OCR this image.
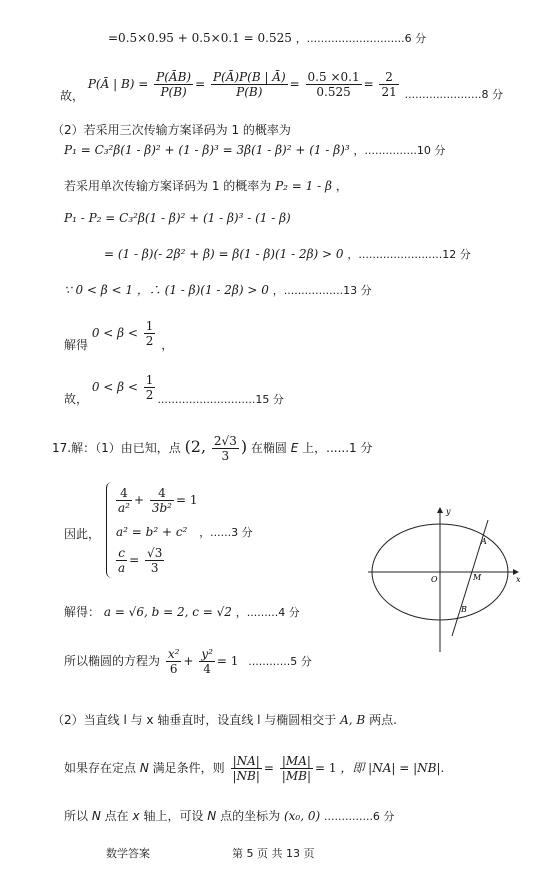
=0.5×0.95 + 0.5×0.1 = 0.525 ，............................6 分
故， P(Ā | $B) = \frac{P(ĀB)}{P(B)} = \frac{P(Ā)P(B | Ā)}{P(B)} = \frac{0.5 \times 0.1}{0.525} = \frac{2}{21} ......................8$ 分
（2）若采用三次传输方案译码为 1 的概率为
P₁ = C₃²β(1 - β)² + (1 - β)³ = 3β(1 - β)² + (1 - β)³ ，...............10 分
若采用单次传输方案译码为 1 的概率为 P₂ = 1 - β ，
P₁ - P₂ = C₃²β(1 - β)² + (1 - β)³ - (1 - β)
= (1 - β)(- 2β² + β) = β(1 - β)(1 - 2β) > 0 ，........................12 分
∵ 0 < β < 1 ，∴ (1 - β)(1 - 2β) > 0 ，.................13 分
解得 $0 < \beta < \frac{1}{2}$ ，
故， $0 < \beta < \frac{1}{2} ............................15$ 分
17.解：（1）由已知，点 (2, $\frac{2√3}{3}$ ) 在椭圆 E 上，......1 分
因此，
$\frac{4}{\text{a²}} + \frac{4}{\text{3b²}} = 1$
a² = b² + c² ，......3 分
$\frac{c}{a} = \frac{√3}{3}$
解得： a = √6, b = 2, c = √2 ，.........4 分
所以椭圆的方程为 $\frac{\text{x²}}{6} + \frac{\text{y²}}{4} = 1$ ............5 分
（2）当直线 l 与 x 轴垂直时，设直线 l 与椭圆相交于 A, B 两点.
如果存在定点 N 满足条件，则 $\frac{|NA|}{|NB|} = \frac{|MA|}{|MB|} = 1$ ，即 |NA| = |NB|.
所以 N 点在 x 轴上，可设 N 点的坐标为 (x₀, 0) ..............6 分
数学答案	第 5 页 共 13 页
y
x
O
A
M
B
